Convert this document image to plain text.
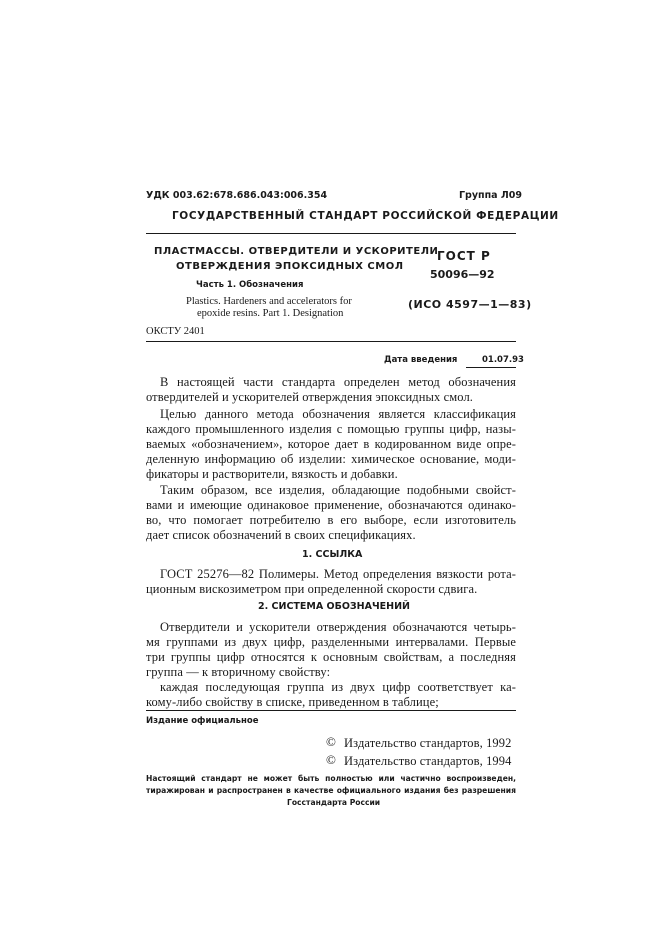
УДК 003.62:678.686.043:006.354	Группа Л09
ГОСУДАРСТВЕННЫЙ СТАНДАРТ РОССИЙСКОЙ ФЕДЕРАЦИИ
ПЛАСТМАССЫ. ОТВЕРДИТЕЛИ И УСКОРИТЕЛИ
ОТВЕРЖДЕНИЯ ЭПОКСИДНЫХ СМОЛ
Часть 1. Обозначения
Plastics. Hardeners and accelerators for
epoxide resins. Part 1. Designation
ГОСТ Р
50096—92
(ИСО 4597—1—83)
ОКСТУ 2401
Дата введения	01.07.93
В настоящей части стандарта определен метод обозначения
отвердителей и ускорителей отверждения эпоксидных смол.
Целью данного метода обозначения является классификация
каждого промышленного изделия с помощью группы цифр, назы-
ваемых «обозначением», которое дает в кодированном виде опре-
деленную информацию об изделии: химическое основание, моди-
фикаторы и растворители, вязкость и добавки.
Таким образом, все изделия, обладающие подобными свойст-
вами и имеющие одинаковое применение, обозначаются одинако-
во, что помогает потребителю в его выборе, если изготовитель
дает список обозначений в своих спецификациях.
1. ССЫЛКА
ГОСТ 25276—82 Полимеры. Метод определения вязкости рота-
ционным вискозиметром при определенной скорости сдвига.
2. СИСТЕМА ОБОЗНАЧЕНИЙ
Отвердители и ускорители отверждения обозначаются четырь-
мя группами из двух цифр, разделенными интервалами. Первые
три группы цифр относятся к основным свойствам, а последняя
группа — к вторичному свойству:
каждая последующая группа из двух цифр соответствует ка-
кому-либо свойству в списке, приведенном в таблице;
Издание официальное
© Издательство стандартов, 1992
© Издательство стандартов, 1994
Настоящий стандарт не может быть полностью или частично воспроизведен,
тиражирован и распространен в качестве официального издания без разрешения
Госстандарта России
